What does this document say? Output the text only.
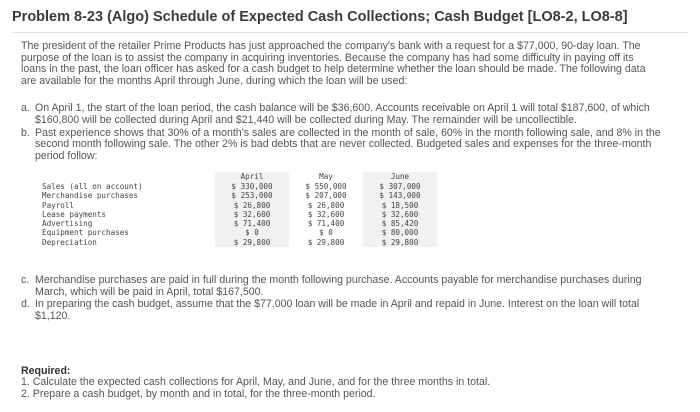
Problem 8-23 (Algo) Schedule of Expected Cash Collections; Cash Budget [LO8-2, LO8-8]

The president of the retailer Prime Products has just approached the company's bank with a request for a $77,000, 90-day loan. The purpose of the loan is to assist the company in acquiring inventories. Because the company has had some difficulty in paying off its loans in the past, the loan officer has asked for a cash budget to help determine whether the loan should be made. The following data are available for the months April through June, during which the loan will be used:

a. On April 1, the start of the loan period, the cash balance will be $36,600. Accounts receivable on April 1 will total $187,600, of which $160,800 will be collected during April and $21,440 will be collected during May. The remainder will be uncollectible.
b. Past experience shows that 30% of a month's sales are collected in the month of sale, 60% in the month following sale, and 8% in the second month following sale. The other 2% is bad debts that are never collected. Budgeted sales and expenses for the three-month period follow:
	April	May	June
Sales (all on account)	$ 330,000	$ 550,000	$ 307,000
Merchandise purchases	$ 253,000	$ 207,000	$ 143,000
Payroll	$ 26,800	$ 26,800	$ 18,500
Lease payments	$ 32,600	$ 32,600	$ 32,600
Advertising	$ 71,400	$ 71,400	$ 85,420
Equipment purchases	$ 0	$ 0	$ 80,000
Depreciation	$ 29,800	$ 29,800	$ 29,800
c. Merchandise purchases are paid in full during the month following purchase. Accounts payable for merchandise purchases during March, which will be paid in April, total $167,500.
d. In preparing the cash budget, assume that the $77,000 loan will be made in April and repaid in June. Interest on the loan will total $1,120.
Required:
1. Calculate the expected cash collections for April, May, and June, and for the three months in total.
2. Prepare a cash budget, by month and in total, for the three-month period.
